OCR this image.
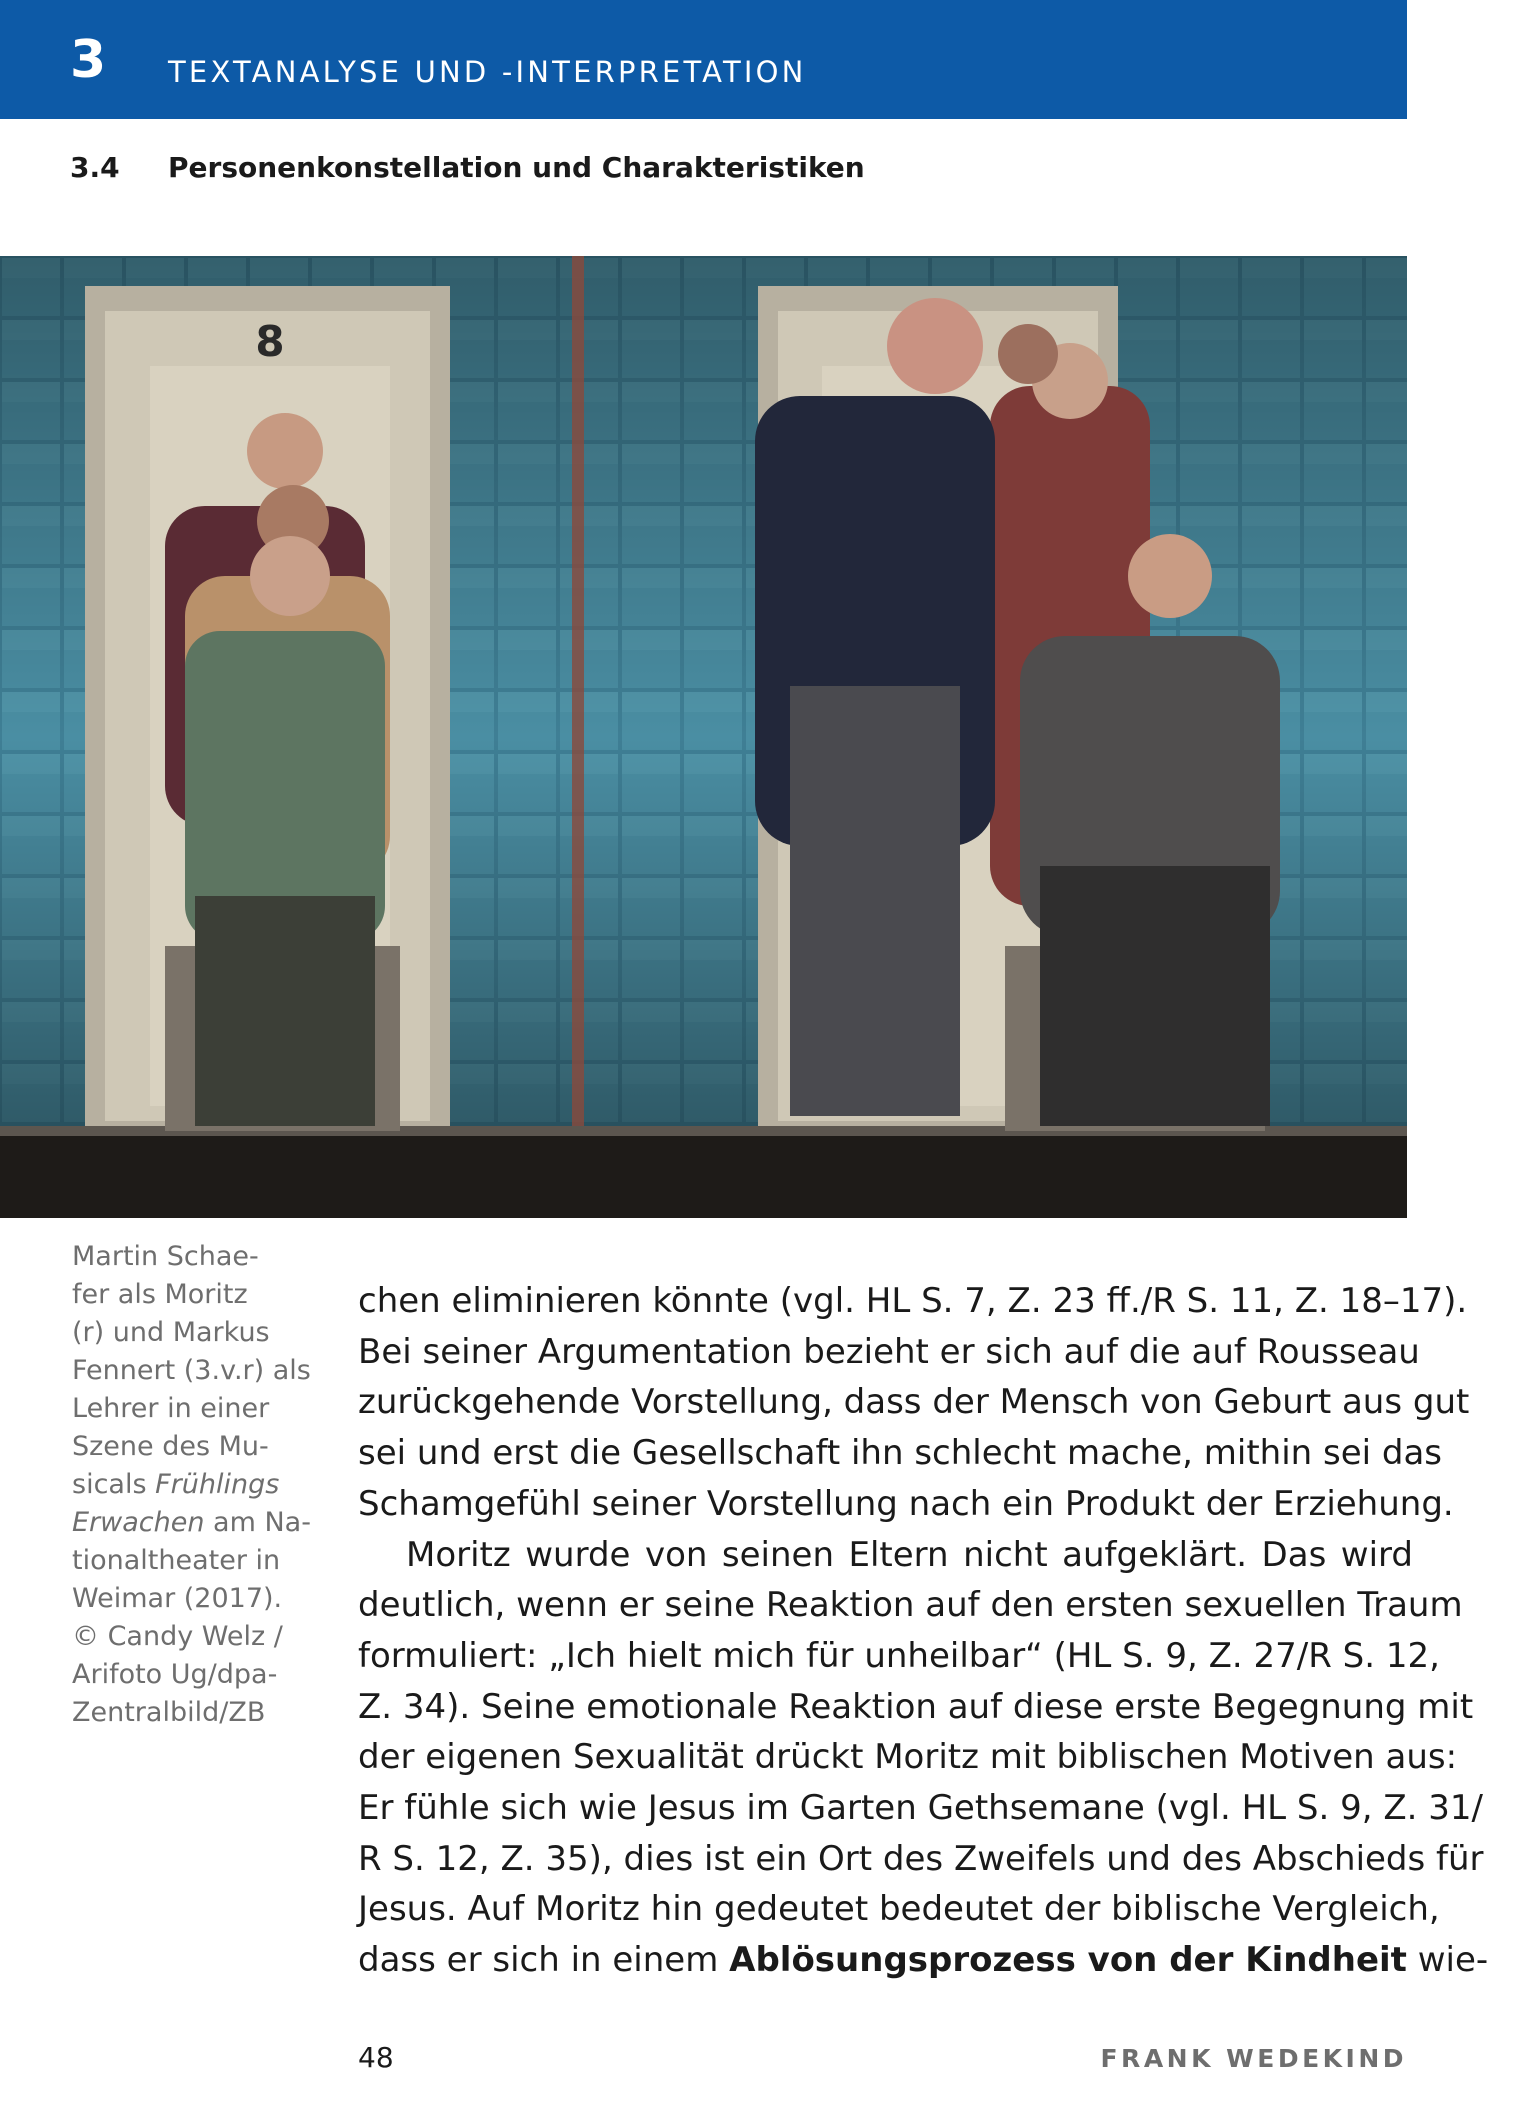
3 TEXTANALYSE UND -INTERPRETATION
3.4 Personenkonstellation und Charakteristiken
8
Martin Schae-
fer als Moritz
(r) und Markus
Fennert (3.v.r) als
Lehrer in einer
Szene des Mu-
sicals Frühlings
Erwachen am Na-
tionaltheater in
Weimar (2017).
© Candy Welz /
Arifoto Ug/dpa-
Zentralbild/ZB
chen eliminieren könnte (vgl. HL S. 7, Z. 23 ff./R S. 11, Z. 18–17).
Bei seiner Argumentation bezieht er sich auf die auf Rousseau
zurückgehende Vorstellung, dass der Mensch von Geburt aus gut
sei und erst die Gesellschaft ihn schlecht mache, mithin sei das
Schamgefühl seiner Vorstellung nach ein Produkt der Erziehung.
Moritz wurde von seinen Eltern nicht aufgeklärt. Das wird
deutlich, wenn er seine Reaktion auf den ersten sexuellen Traum
formuliert: „Ich hielt mich für unheilbar“ (HL S. 9, Z. 27/R S. 12,
Z. 34). Seine emotionale Reaktion auf diese erste Begegnung mit
der eigenen Sexualität drückt Moritz mit biblischen Motiven aus:
Er fühle sich wie Jesus im Garten Gethsemane (vgl. HL S. 9, Z. 31/
R S. 12, Z. 35), dies ist ein Ort des Zweifels und des Abschieds für
Jesus. Auf Moritz hin gedeutet bedeutet der biblische Vergleich,
dass er sich in einem Ablösungsprozess von der Kindheit wie-
48	FRANK WEDEKIND
